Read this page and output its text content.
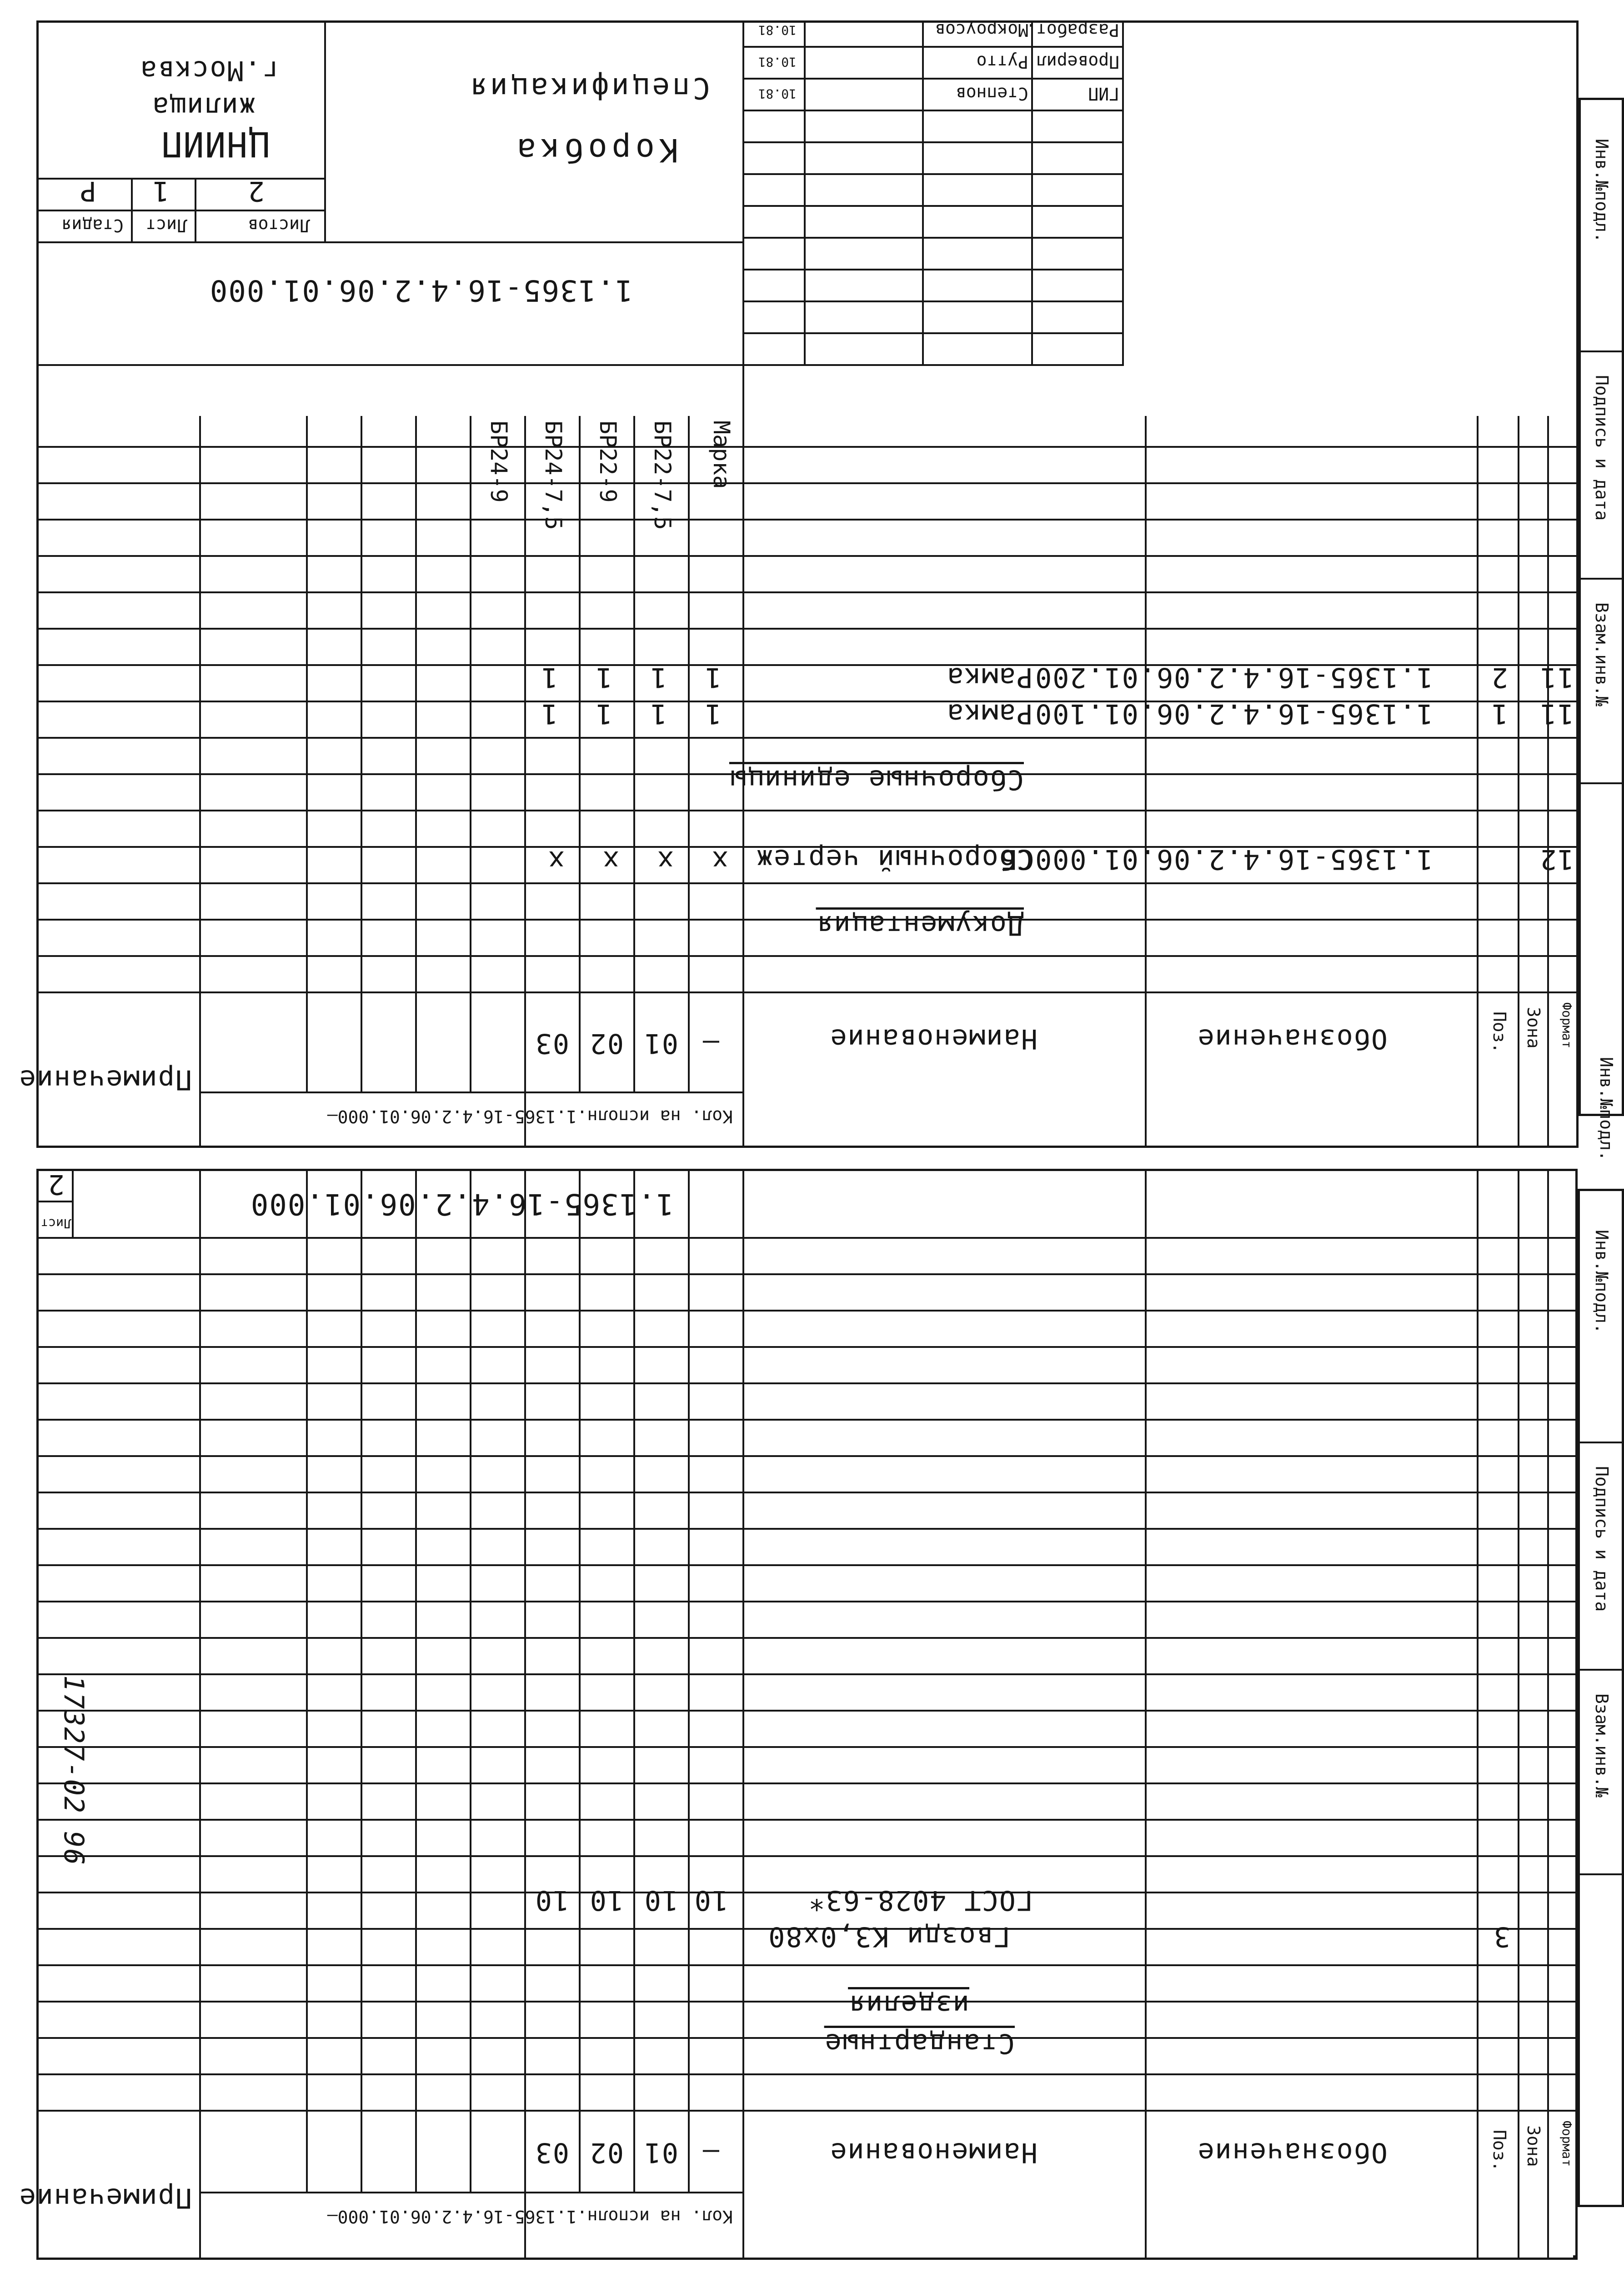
Инв.№подл.
Подпись и дата
Взам.инв.№
Формат
Зона
Поз.
Обозначение
Наименование
Кол. на исполн.1.1365-16.4.2.06.01.000—
—
01
02
03
Примечание
Стандартные
изделия
3
Гвозди К3,0х80
ГОСТ 4028-63*
10
10
10
10
1.1365-16.4.2.06.01.000
Лист
2
17327-02 96
Инв.№подл.
Инв.№подл.
Подпись и дата
Взам.инв.№
Формат
Зона
Поз.
Обозначение
Наименование
Кол. на исполн.1.1365-16.4.2.06.01.000—
—
01
02
03
Примечание
Документация
12
1.1365-16.4.2.06.01.000СБ
Сборочный чертеж
x
x
x
x
Сборочные единицы
11
1
1.1365-16.4.2.06.01.100
Рамка
1
1
1
1
11
2
1.1365-16.4.2.06.01.200
Рамка
1
1
1
1
Марка
БР22-7,5
БР22-9
БР24-7,5
БР24-9
1.1365-16.4.2.06.01.000
Коробка
Спецификация
Листов
Лист
Стадия
2
1
Р
ЦНИИП
жилища
г.Москва
Разработ.
Мокроусов
10.81
Проверил
Рутто
10.81
ГИП
Степнов
10.81
